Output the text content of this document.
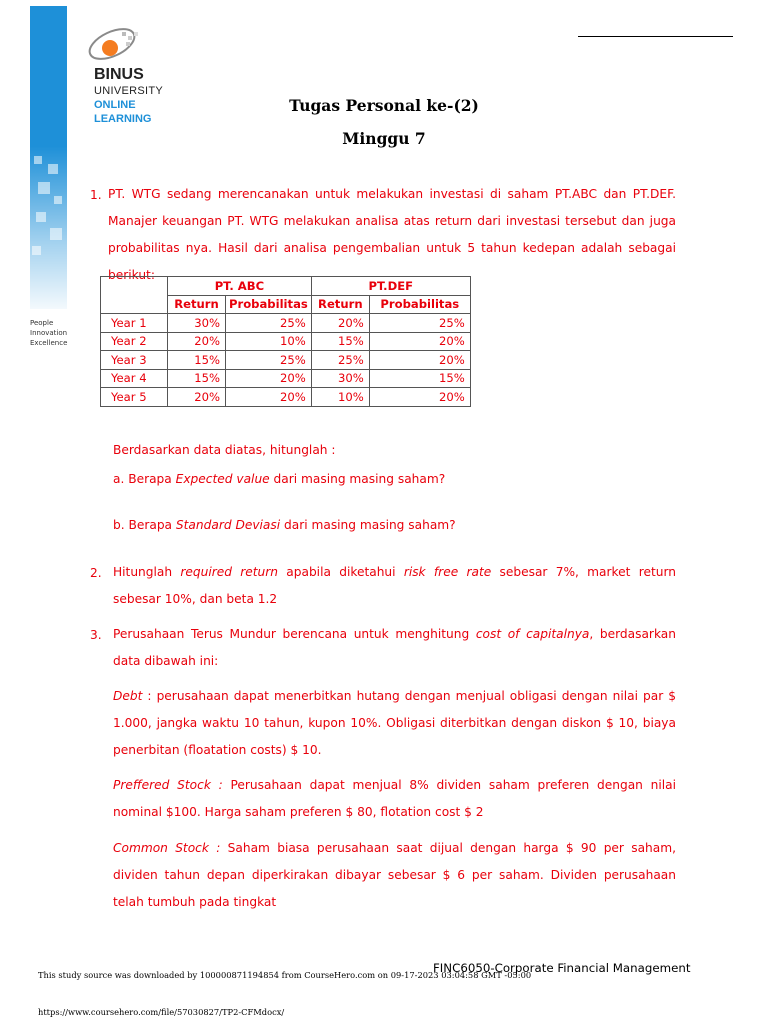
People
Innovation
Excellence
BINUS
UNIVERSITY
ONLINE
LEARNING
Tugas Personal ke-(2)
Minggu 7
1. PT. WTG sedang merencanakan untuk melakukan investasi di saham PT.ABC dan PT.DEF. Manajer keuangan PT. WTG melakukan analisa atas return dari investasi tersebut dan juga probabilitas nya. Hasil dari analisa pengembalian untuk 5 tahun kedepan adalah sebagai berikut:
	PT. ABC		PT.DEF	
	Return	Probabilitas	Return	Probabilitas
Year 1	30%	25%	20%	25%
Year 2	20%	10%	15%	20%
Year 3	15%	25%	25%	20%
Year 4	15%	20%	30%	15%
Year 5	20%	20%	10%	20%
Berdasarkan data diatas, hitunglah :
a. Berapa Expected value dari masing masing saham?
b. Berapa Standard Deviasi dari masing masing saham?
2. Hitunglah required return apabila diketahui risk free rate sebesar 7%, market return sebesar 10%, dan beta 1.2
3. Perusahaan Terus Mundur berencana untuk menghitung cost of capitalnya, berdasarkan data dibawah ini:
Debt : perusahaan dapat menerbitkan hutang dengan menjual obligasi dengan nilai par $ 1.000, jangka waktu 10 tahun, kupon 10%. Obligasi diterbitkan dengan diskon $ 10, biaya penerbitan (floatation costs) $ 10.
Preffered Stock : Perusahaan dapat menjual 8% dividen saham preferen dengan nilai nominal $100. Harga saham preferen $ 80, flotation cost $ 2
Common Stock : Saham biasa perusahaan saat dijual dengan harga $ 90 per saham, dividen tahun depan diperkirakan dibayar sebesar $ 6 per saham. Dividen perusahaan telah tumbuh pada tingkat
FINC6050-Corporate Financial Management
This study source was downloaded by 100000871194854 from CourseHero.com on 09-17-2023 03:04:58 GMT -05:00
https://www.coursehero.com/file/57030827/TP2-CFMdocx/
